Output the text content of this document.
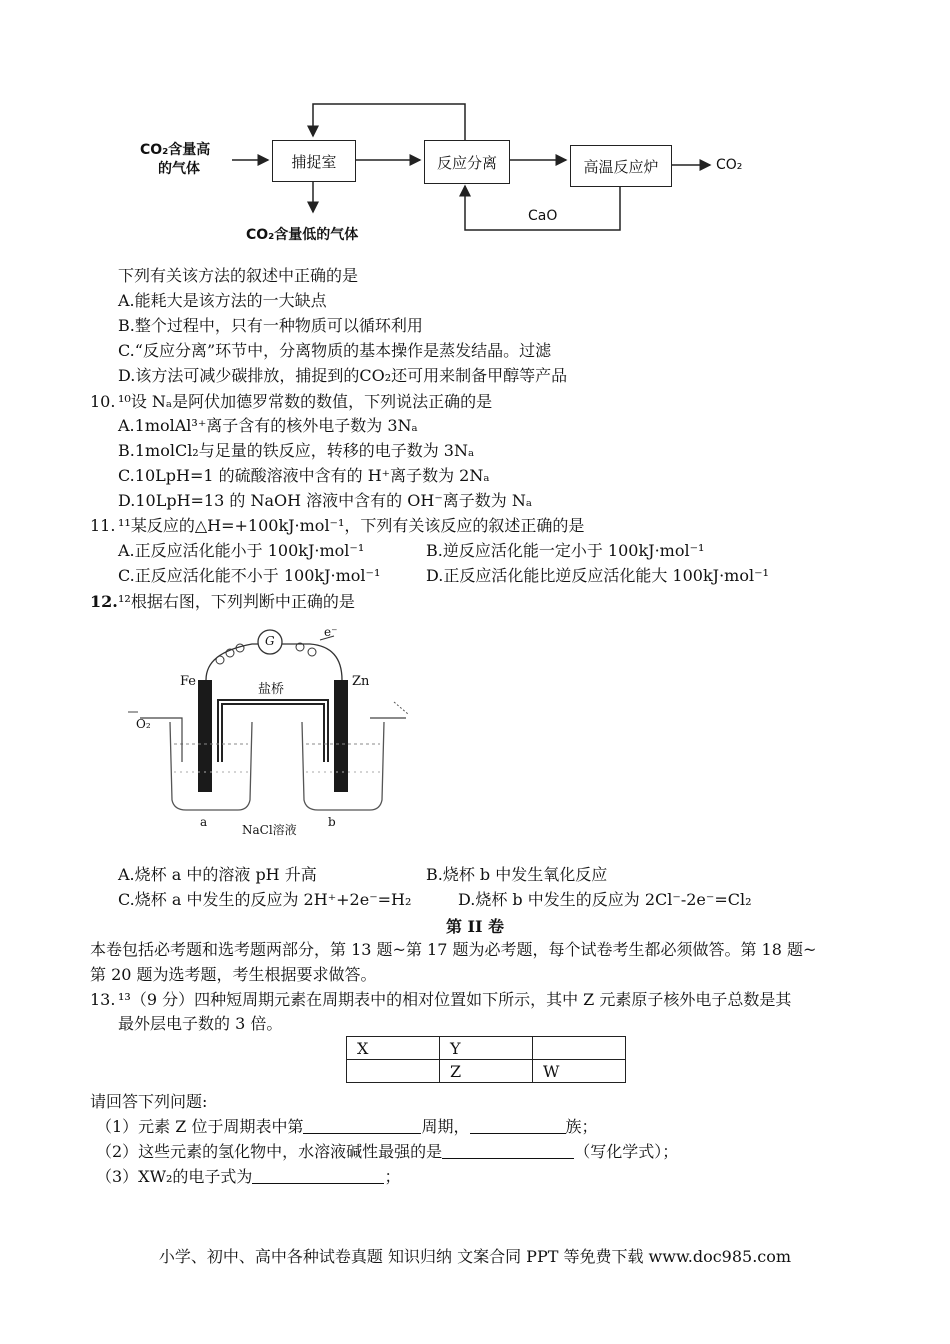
CO₂含量高
的气体	捕捉室	反应分离	高温反应炉	CO₂
CO₂含量低的气体
CaO
下列有关该方法的叙述中正确的是
A.能耗大是该方法的一大缺点
B.整个过程中，只有一种物质可以循环利用
C.“反应分离”环节中，分离物质的基本操作是蒸发结晶。过滤
D.该方法可减少碳排放，捕捉到的CO₂还可用来制备甲醇等产品
10. ¹⁰设 Nₐ是阿伏加德罗常数的数值，下列说法正确的是
A.1molAl³⁺离子含有的核外电子数为 3Nₐ
B.1molCl₂与足量的铁反应，转移的电子数为 3Nₐ
C.10LpH=1 的硫酸溶液中含有的 H⁺离子数为 2Nₐ
D.10LpH=13 的 NaOH 溶液中含有的 OH⁻离子数为 Nₐ
11. ¹¹某反应的△H=+100kJ·mol⁻¹，下列有关该反应的叙述正确的是
A.正反应活化能小于 100kJ·mol⁻¹	B.逆反应活化能一定小于 100kJ·mol⁻¹
C.正反应活化能不小于 100kJ·mol⁻¹	D.正反应活化能比逆反应活化能大 100kJ·mol⁻¹
12. ¹²根据右图，下列判断中正确的是
G
e⁻
Fe	Zn
盐桥
O₂
a	b
NaCl溶液
A.烧杯 a 中的溶液 pH 升高	B.烧杯 b 中发生氧化反应
C.烧杯 a 中发生的反应为 2H⁺+2e⁻=H₂	D.烧杯 b 中发生的反应为 2Cl⁻-2e⁻=Cl₂
第 II 卷
本卷包括必考题和选考题两部分，第 13 题~第 17 题为必考题，每个试卷考生都必须做答。第 18 题~
第 20 题为选考题，考生根据要求做答。
13. ¹³（9 分）四种短周期元素在周期表中的相对位置如下所示，其中 Z 元素原子核外电子总数是其
最外层电子数的 3 倍。
X	Y	
	Z	W
请回答下列问题:
（1）元素 Z 位于周期表中第	周期，	族；
（2）这些元素的氢化物中，水溶液碱性最强的是	（写化学式）；
（3）XW₂的电子式为	；
小学、初中、高中各种试卷真题 知识归纳 文案合同 PPT 等免费下载 www.doc985.com
